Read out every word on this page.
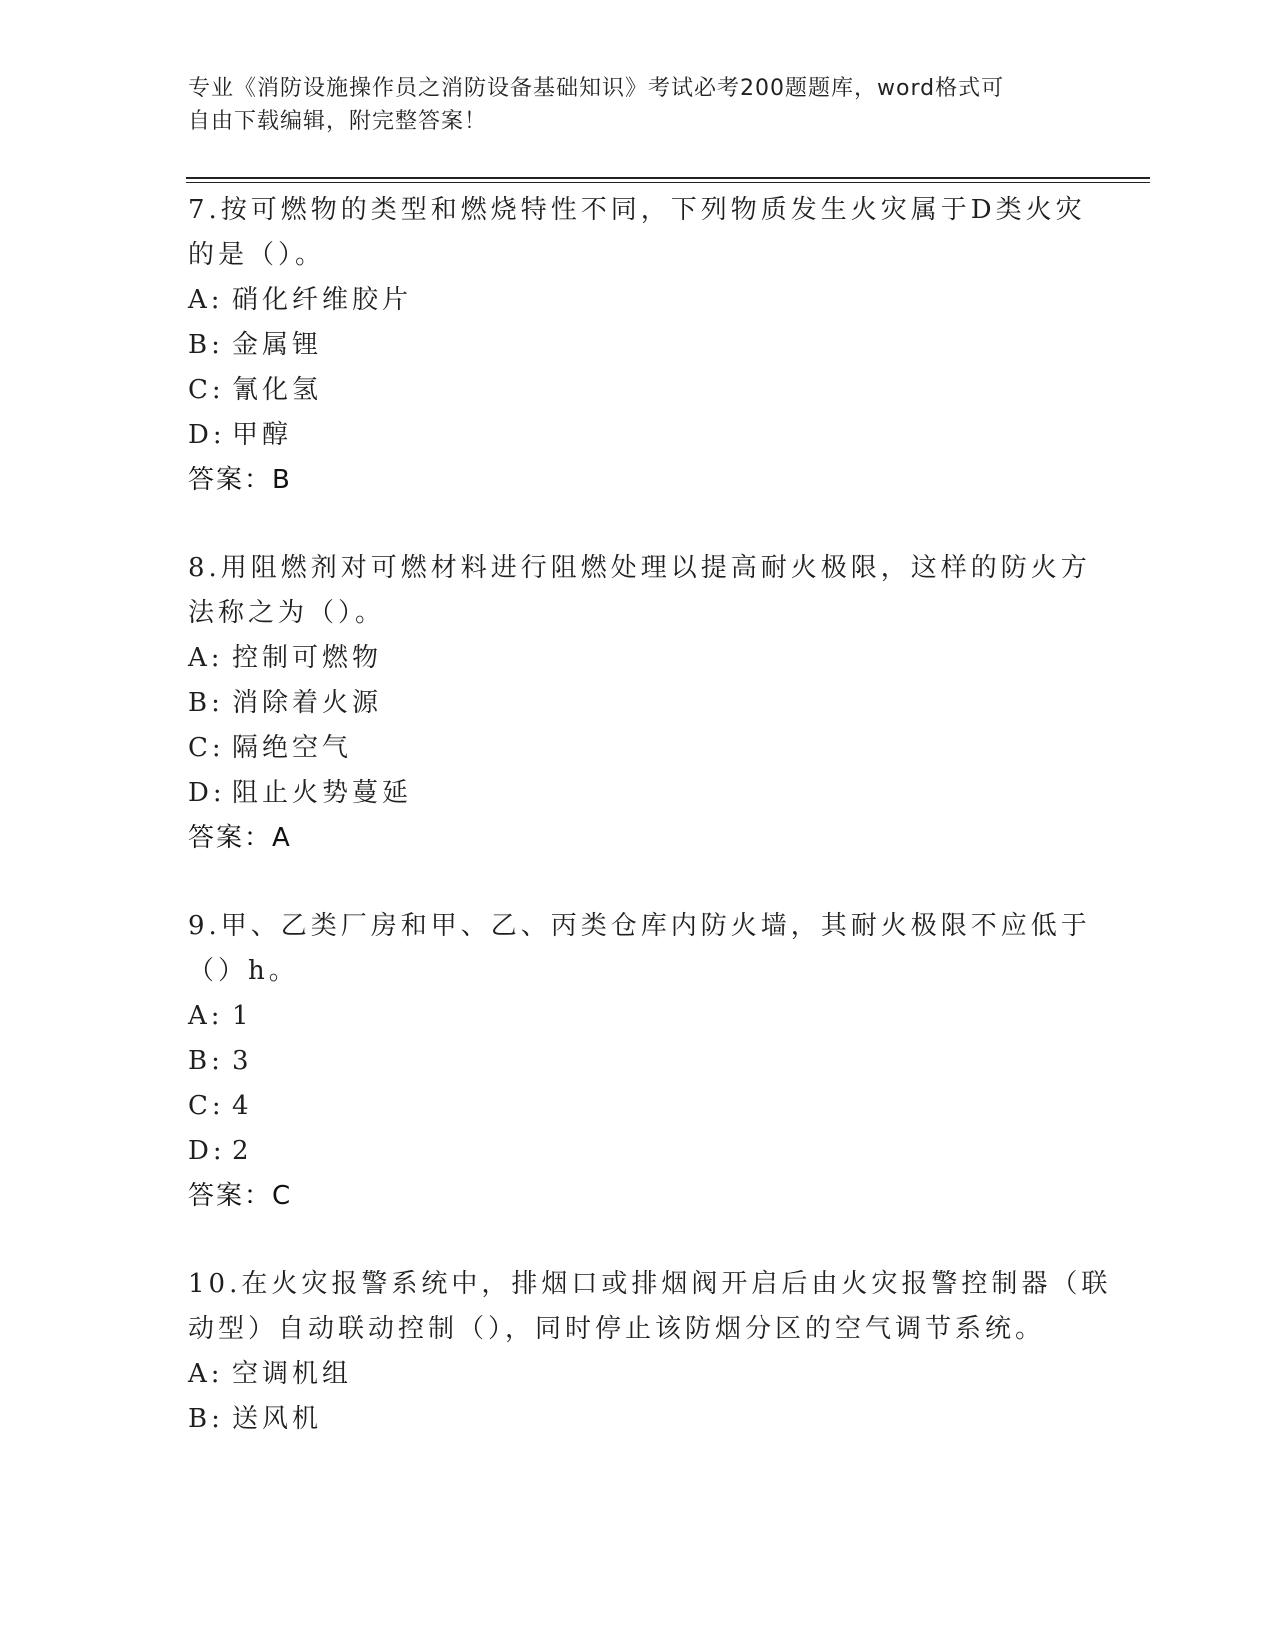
专业《消防设施操作员之消防设备基础知识》考试必考200题题库，word格式可
自由下载编辑，附完整答案！
7.按可燃物的类型和燃烧特性不同，下列物质发生火灾属于D类火灾
的是（）。
A: 硝化纤维胶片
B: 金属锂
C: 氰化氢
D: 甲醇
答案：B
8.用阻燃剂对可燃材料进行阻燃处理以提高耐火极限，这样的防火方
法称之为（）。
A: 控制可燃物
B: 消除着火源
C: 隔绝空气
D: 阻止火势蔓延
答案：A
9.甲、乙类厂房和甲、乙、丙类仓库内防火墙，其耐火极限不应低于
（）h。
A: 1
B: 3
C: 4
D: 2
答案：C
10.在火灾报警系统中，排烟口或排烟阀开启后由火灾报警控制器（联
动型）自动联动控制（），同时停止该防烟分区的空气调节系统。
A: 空调机组
B: 送风机
